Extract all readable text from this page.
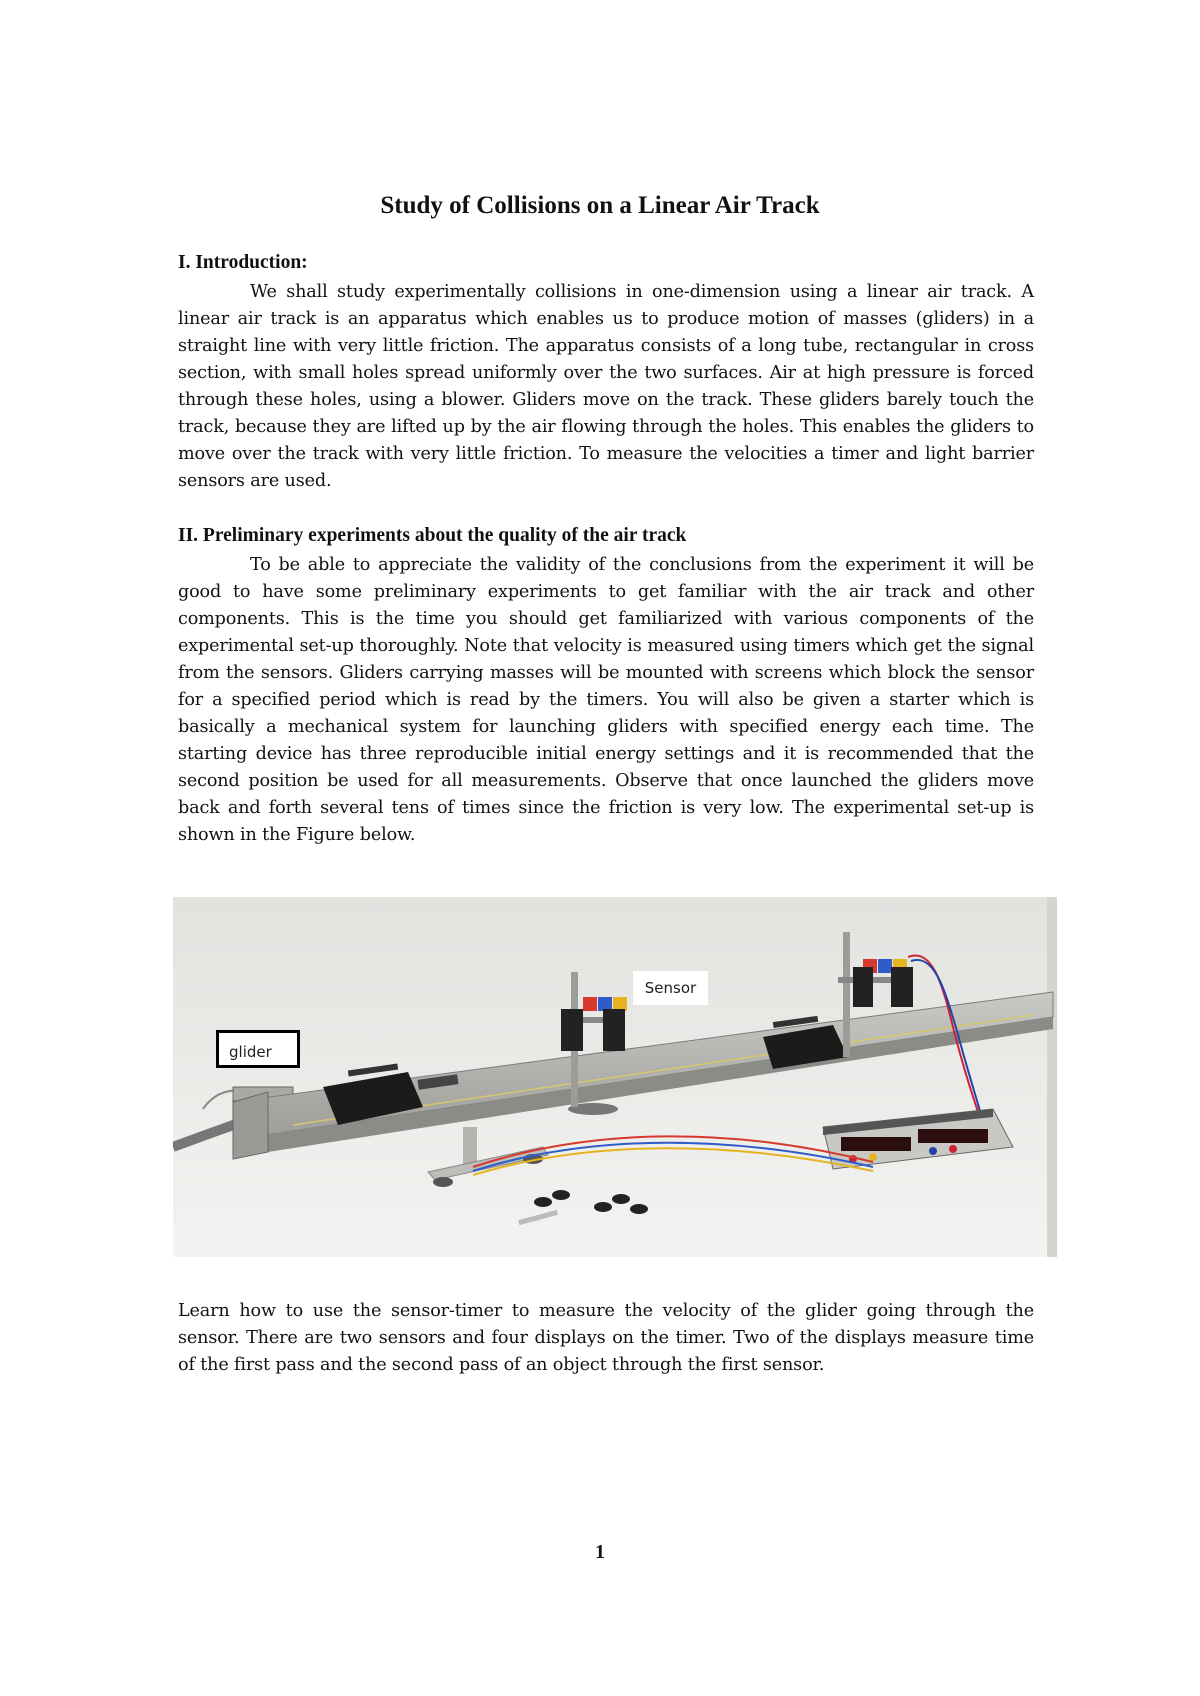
Study of Collisions on a Linear Air Track
I. Introduction:

We shall study experimentally collisions in one-dimension using a linear air track. A linear air track is an apparatus which enables us to produce motion of masses (gliders) in a straight line with very little friction. The apparatus consists of a long tube, rectangular in cross section, with small holes spread uniformly over the two surfaces. Air at high pressure is forced through these holes, using a blower. Gliders move on the track. These gliders barely touch the track, because they are lifted up by the air flowing through the holes. This enables the gliders to move over the track with very little friction. To measure the velocities a timer and light barrier sensors are used.

II. Preliminary experiments about the quality of the air track

To be able to appreciate the validity of the conclusions from the experiment it will be good to have some preliminary experiments to get familiar with the air track and other components. This is the time you should get familiarized with various components of the experimental set-up thoroughly. Note that velocity is measured using timers which get the signal from the sensors. Gliders carrying masses will be mounted with screens which block the sensor for a specified period which is read by the timers. You will also be given a starter which is basically a mechanical system for launching gliders with specified energy each time. The starting device has three reproducible initial energy settings and it is recommended that the second position be used for all measurements. Observe that once launched the gliders move back and forth several tens of times since the friction is very low. The experimental set-up is shown in the Figure below.

Sensor
glider

Learn how to use the sensor-timer to measure the velocity of the glider going through the sensor. There are two sensors and four displays on the timer. Two of the displays measure time of the first pass and the second pass of an object through the first sensor.

1
